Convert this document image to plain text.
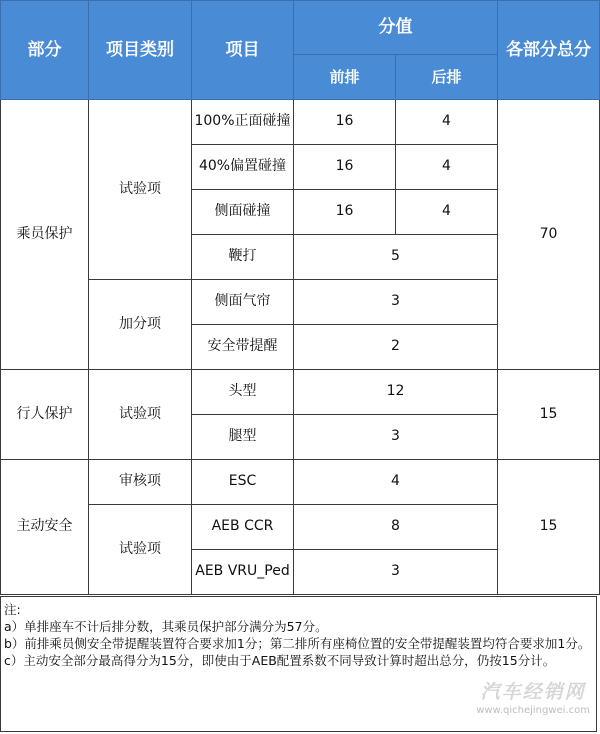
部分	项目类别	项目	分值		各部分总分
			前排	后排	
乘员保护	试验项	100%正面碰撞	16	4	70
		40%偏置碰撞	16	4	
		侧面碰撞	16	4	
		鞭打	5		
	加分项	侧面气帘	3		
		安全带提醒	2		
行人保护	试验项	头型	12		15
		腿型	3		
主动安全	审核项	ESC	4		15
	试验项	AEB CCR	8		
		AEB VRU_Ped	3		

注:

a）单排座车不计后排分数，其乘员保护部分满分为57分。

b）前排乘员侧安全带提醒装置符合要求加1分；第二排所有座椅位置的安全带提醒装置均符合要求加1分。

c）主动安全部分最高得分为15分，即使由于AEB配置系数不同导致计算时超出总分，仍按15分计。

汽车经销网
www.qichejingwei.com
